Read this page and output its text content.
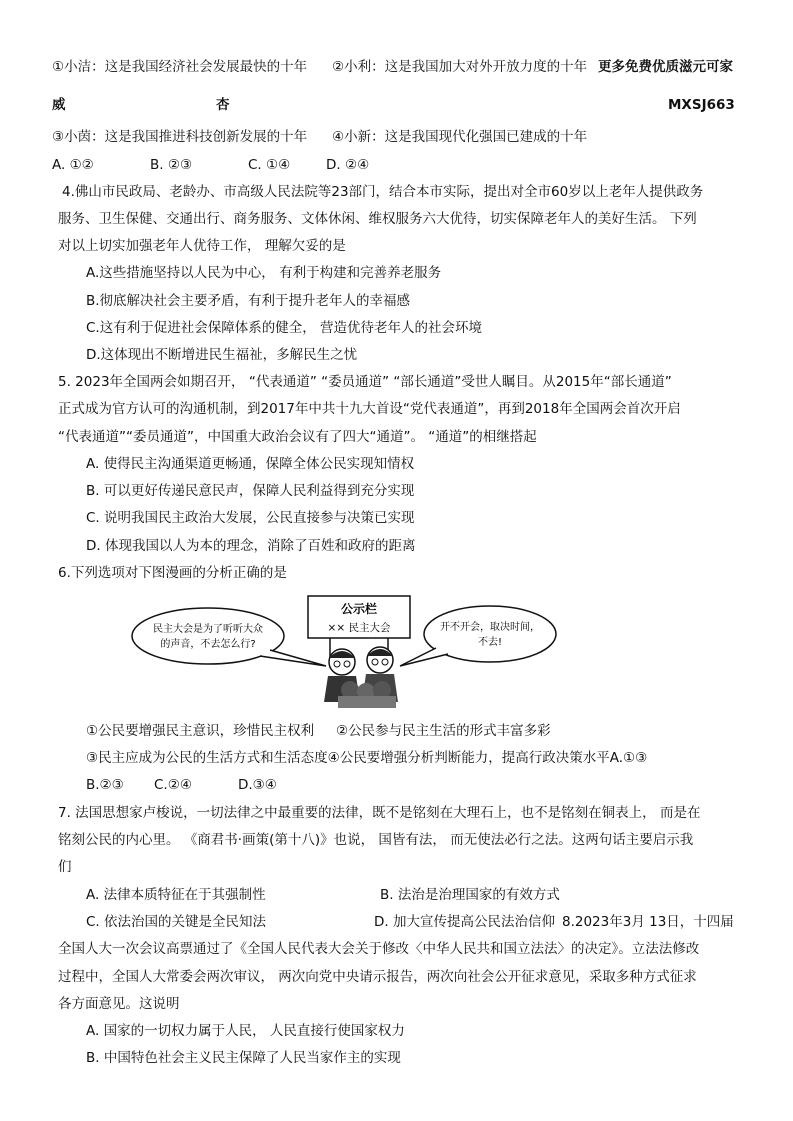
①小洁：这是我国经济社会发展最快的十年 ②小利：这是我国加大对外开放力度的十年 更多免费优质滋元可家
威	杏	MXSJ663
③小茵：这是我国推进科技创新发展的十年 ④小新：这是我国现代化强国已建成的十年
A. ①②	B. ②③	C. ①④	D. ②④
4.佛山市民政局、老龄办、市高级人民法院等23部门，结合本市实际，提出对全市60岁以上老年人提供政务
服务、卫生保健、交通出行、商务服务、文体休闲、维权服务六大优待，切实保障老年人的美好生活。 下列
对以上切实加强老年人优待工作， 理解欠妥的是
A.这些措施坚持以人民为中心， 有利于构建和完善养老服务
B.彻底解决社会主要矛盾，有利于提升老年人的幸福感
C.这有利于促进社会保障体系的健全， 营造优待老年人的社会环境
D.这体现出不断增进民生福祉，多解民生之忧
5. 2023年全国两会如期召开， “代表通道” “委员通道” “部长通道”受世人瞩目。从2015年“部长通道”
正式成为官方认可的沟通机制，到2017年中共十九大首设“党代表通道”，再到2018年全国两会首次开启
“代表通道”“委员通道”，中国重大政治会议有了四大“通道”。 “通道”的相继搭起
A. 使得民主沟通渠道更畅通，保障全体公民实现知情权
B. 可以更好传递民意民声，保障人民利益得到充分实现
C. 说明我国民主政治大发展，公民直接参与决策已实现
D. 体现我国以人为本的理念，消除了百姓和政府的距离
6.下列选项对下图漫画的分析正确的是
公示栏
×× 民主大会
民主大会是为了听听大众
的声音，不去怎么行?
开不开会，取决时间，
不去!
①公民要增强民主意识，珍惜民主权利 ②公民参与民主生活的形式丰富多彩
③民主应成为公民的生活方式和生活态度④公民要增强分析判断能力，提高行政决策水平A.①③
B.②③ C.②④	D.③④
7. 法国思想家卢梭说，一切法律之中最重要的法律，既不是铭刻在大理石上，也不是铭刻在铜表上， 而是在
铭刻公民的内心里。 《商君书·画策(第十八)》也说， 国皆有法， 而无使法必行之法。这两句话主要启示我
们
A. 法律本质特征在于其强制性	B. 法治是治理国家的有效方式
C. 依法治国的关键是全民知法	D. 加大宣传提高公民法治信仰 8.2023年3月 13日，十四届
全国人大一次会议高票通过了《全国人民代表大会关于修改〈中华人民共和国立法法〉的决定》。立法法修改
过程中，全国人大常委会两次审议， 两次向党中央请示报告，两次向社会公开征求意见，采取多种方式征求
各方面意见。这说明
A. 国家的一切权力属于人民， 人民直接行使国家权力
B. 中国特色社会主义民主保障了人民当家作主的实现
